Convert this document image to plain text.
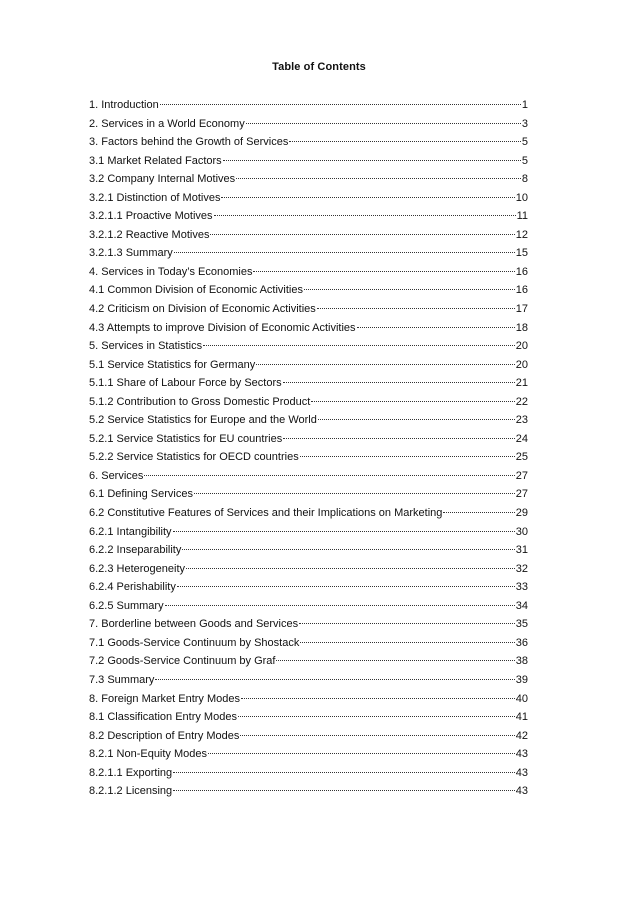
Table of Contents
1. Introduction	1
2. Services in a World Economy	3
3. Factors behind the Growth of Services	5
3.1 Market Related Factors	5
3.2 Company Internal Motives	8
3.2.1 Distinction of Motives	10
3.2.1.1 Proactive Motives	11
3.2.1.2 Reactive Motives	12
3.2.1.3 Summary	15
4. Services in Today’s Economies	16
4.1 Common Division of Economic Activities	16
4.2 Criticism on Division of Economic Activities	17
4.3 Attempts to improve Division of Economic Activities	18
5. Services in Statistics	20
5.1 Service Statistics for Germany	20
5.1.1 Share of Labour Force by Sectors	21
5.1.2 Contribution to Gross Domestic Product	22
5.2 Service Statistics for Europe and the World	23
5.2.1 Service Statistics for EU countries	24
5.2.2 Service Statistics for OECD countries	25
6. Services	27
6.1 Defining Services	27
6.2 Constitutive Features of Services and their Implications on Marketing	29
6.2.1 Intangibility	30
6.2.2 Inseparability	31
6.2.3 Heterogeneity	32
6.2.4 Perishability	33
6.2.5 Summary	34
7. Borderline between Goods and Services	35
7.1 Goods-Service Continuum by Shostack	36
7.2 Goods-Service Continuum by Graf	38
7.3 Summary	39
8. Foreign Market Entry Modes	40
8.1 Classification Entry Modes	41
8.2 Description of Entry Modes	42
8.2.1 Non-Equity Modes	43
8.2.1.1 Exporting	43
8.2.1.2 Licensing	43
